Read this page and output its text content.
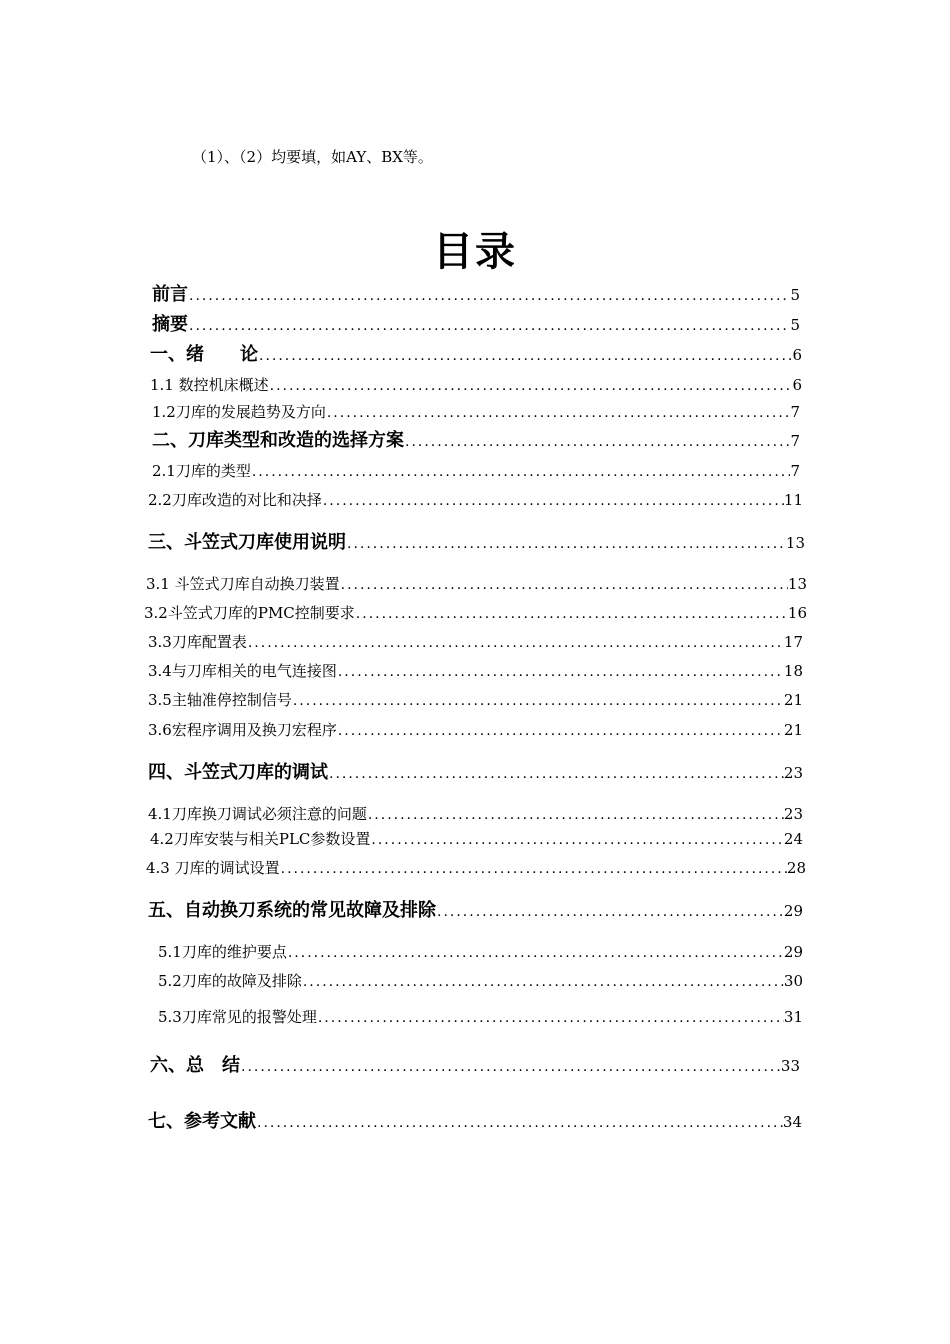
（1）、（2）均要填，如AY、BX等。
目录
前言 .....	5
摘要 .....	5
一、绪　　论 .....	6
1.1 数控机床概述 .....	6
1.2刀库的发展趋势及方向 .....	7
二、刀库类型和改造的选择方案 .....	7
2.1刀库的类型 .....	7
2.2刀库改造的对比和决择 .....	11
三、斗笠式刀库使用说明 .....	13
3.1 斗笠式刀库自动换刀装置 .....	13
3.2斗笠式刀库的PMC控制要求 .....	16
3.3刀库配置表 .....	17
3.4与刀库相关的电气连接图 .....	18
3.5主轴准停控制信号 .....	21
3.6宏程序调用及换刀宏程序 .....	21
四、斗笠式刀库的调试 .....	23
4.1刀库换刀调试必须注意的问题 .....	23
4.2刀库安装与相关PLC参数设置 .....	24
4.3 刀库的调试设置 .....	28
五、自动换刀系统的常见故障及排除 .....	29
5.1刀库的维护要点 .....	29
5.2刀库的故障及排除 .....	30
5.3刀库常见的报警处理 .....	31
六、总　结 .....	33
七、参考文献 .....	34
